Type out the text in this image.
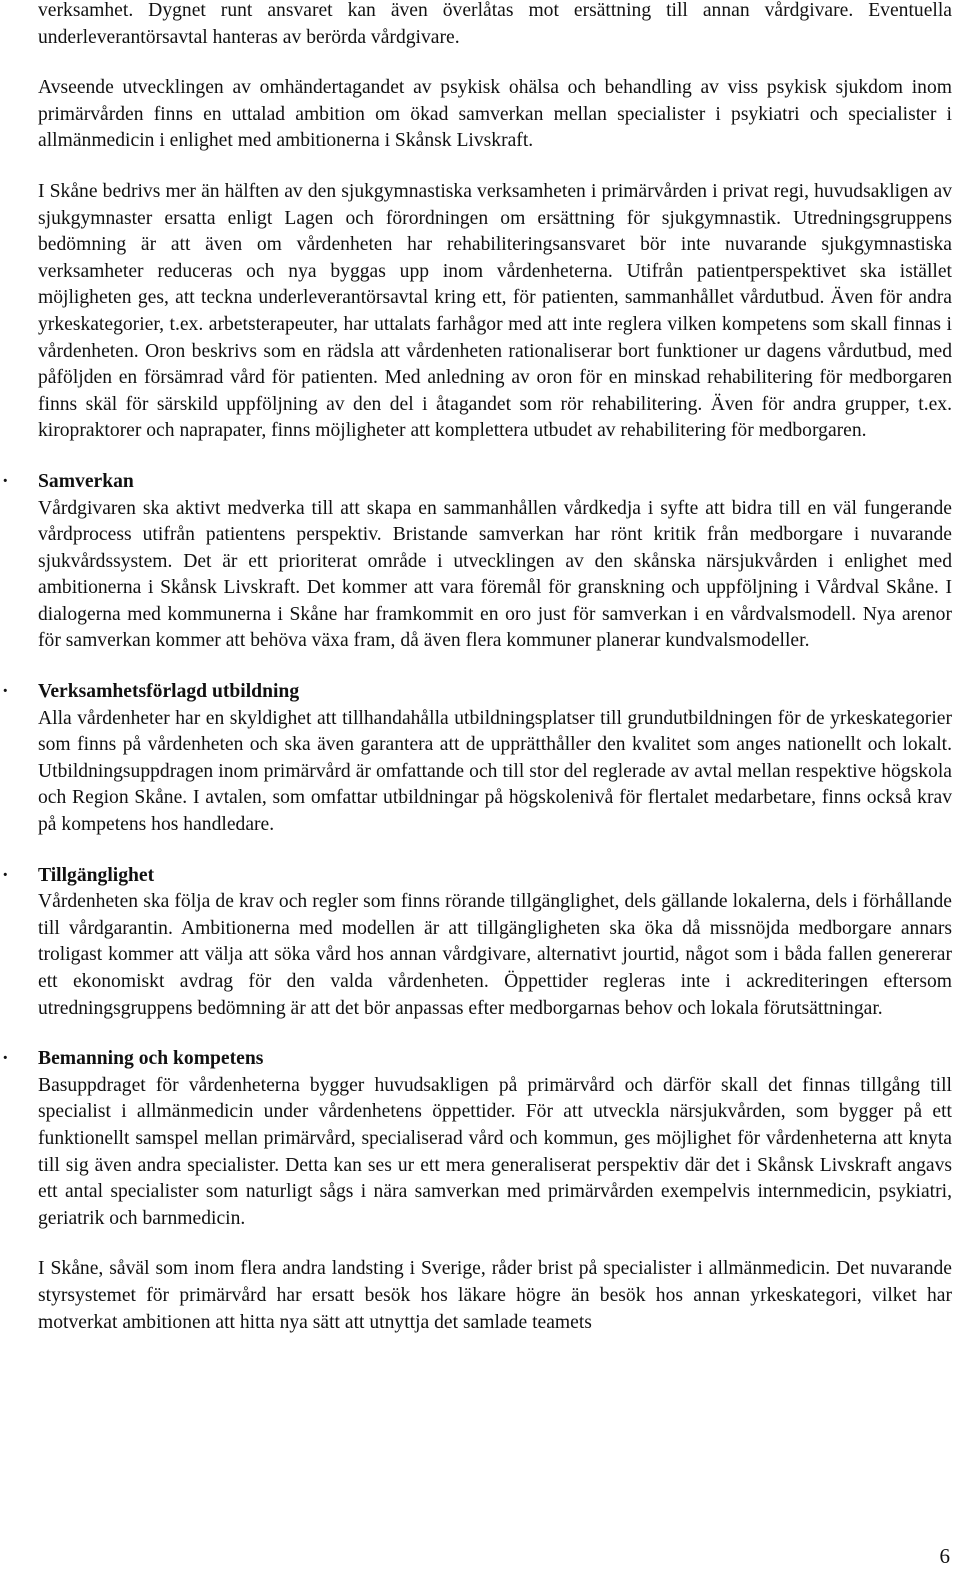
verksamhet. Dygnet runt ansvaret kan även överlåtas mot ersättning till annan vårdgivare. Eventuella underleverantörsavtal hanteras av berörda vårdgivare.

Avseende utvecklingen av omhändertagandet av psykisk ohälsa och behandling av viss psykisk sjukdom inom primärvården finns en uttalad ambition om ökad samverkan mellan specialister i psykiatri och specialister i allmänmedicin i enlighet med ambitionerna i Skånsk Livskraft.

I Skåne bedrivs mer än hälften av den sjukgymnastiska verksamheten i primärvården i privat regi, huvudsakligen av sjukgymnaster ersatta enligt Lagen och förordningen om ersättning för sjukgymnastik. Utredningsgruppens bedömning är att även om vårdenheten har rehabiliteringsansvaret bör inte nuvarande sjukgymnastiska verksamheter reduceras och nya byggas upp inom vårdenheterna. Utifrån patientperspektivet ska istället möjligheten ges, att teckna underleverantörsavtal kring ett, för patienten, sammanhållet vårdutbud. Även för andra yrkeskategorier, t.ex. arbetsterapeuter, har uttalats farhågor med att inte reglera vilken kompetens som skall finnas i vårdenheten. Oron beskrivs som en rädsla att vårdenheten rationaliserar bort funktioner ur dagens vårdutbud, med påföljden en försämrad vård för patienten. Med anledning av oron för en minskad rehabilitering för medborgaren finns skäl för särskild uppföljning av den del i åtagandet som rör rehabilitering. Även för andra grupper, t.ex. kiropraktorer och naprapater, finns möjligheter att komplettera utbudet av rehabilitering för medborgaren.

· Samverkan

Vårdgivaren ska aktivt medverka till att skapa en sammanhållen vårdkedja i syfte att bidra till en väl fungerande vårdprocess utifrån patientens perspektiv. Bristande samverkan har rönt kritik från medborgare i nuvarande sjukvårdssystem. Det är ett prioriterat område i utvecklingen av den skånska närsjukvården i enlighet med ambitionerna i Skånsk Livskraft. Det kommer att vara föremål för granskning och uppföljning i Vårdval Skåne. I dialogerna med kommunerna i Skåne har framkommit en oro just för samverkan i en vårdvalsmodell. Nya arenor för samverkan kommer att behöva växa fram, då även flera kommuner planerar kundvalsmodeller.

· Verksamhetsförlagd utbildning

Alla vårdenheter har en skyldighet att tillhandahålla utbildningsplatser till grundutbildningen för de yrkeskategorier som finns på vårdenheten och ska även garantera att de upprätthåller den kvalitet som anges nationellt och lokalt. Utbildningsuppdragen inom primärvård är omfattande och till stor del reglerade av avtal mellan respektive högskola och Region Skåne. I avtalen, som omfattar utbildningar på högskolenivå för flertalet medarbetare, finns också krav på kompetens hos handledare.

· Tillgänglighet

Vårdenheten ska följa de krav och regler som finns rörande tillgänglighet, dels gällande lokalerna, dels i förhållande till vårdgarantin. Ambitionerna med modellen är att tillgängligheten ska öka då missnöjda medborgare annars troligast kommer att välja att söka vård hos annan vårdgivare, alternativt jourtid, något som i båda fallen genererar ett ekonomiskt avdrag för den valda vårdenheten. Öppettider regleras inte i ackrediteringen eftersom utredningsgruppens bedömning är att det bör anpassas efter medborgarnas behov och lokala förutsättningar.

· Bemanning och kompetens

Basuppdraget för vårdenheterna bygger huvudsakligen på primärvård och därför skall det finnas tillgång till specialist i allmänmedicin under vårdenhetens öppettider. För att utveckla närsjukvården, som bygger på ett funktionellt samspel mellan primärvård, specialiserad vård och kommun, ges möjlighet för vårdenheterna att knyta till sig även andra specialister. Detta kan ses ur ett mera generaliserat perspektiv där det i Skånsk Livskraft angavs ett antal specialister som naturligt sågs i nära samverkan med primärvården exempelvis internmedicin, psykiatri, geriatrik och barnmedicin.

I Skåne, såväl som inom flera andra landsting i Sverige, råder brist på specialister i allmänmedicin. Det nuvarande styrsystemet för primärvård har ersatt besök hos läkare högre än besök hos annan yrkeskategori, vilket har motverkat ambitionen att hitta nya sätt att utnyttja det samlade teamets

6
